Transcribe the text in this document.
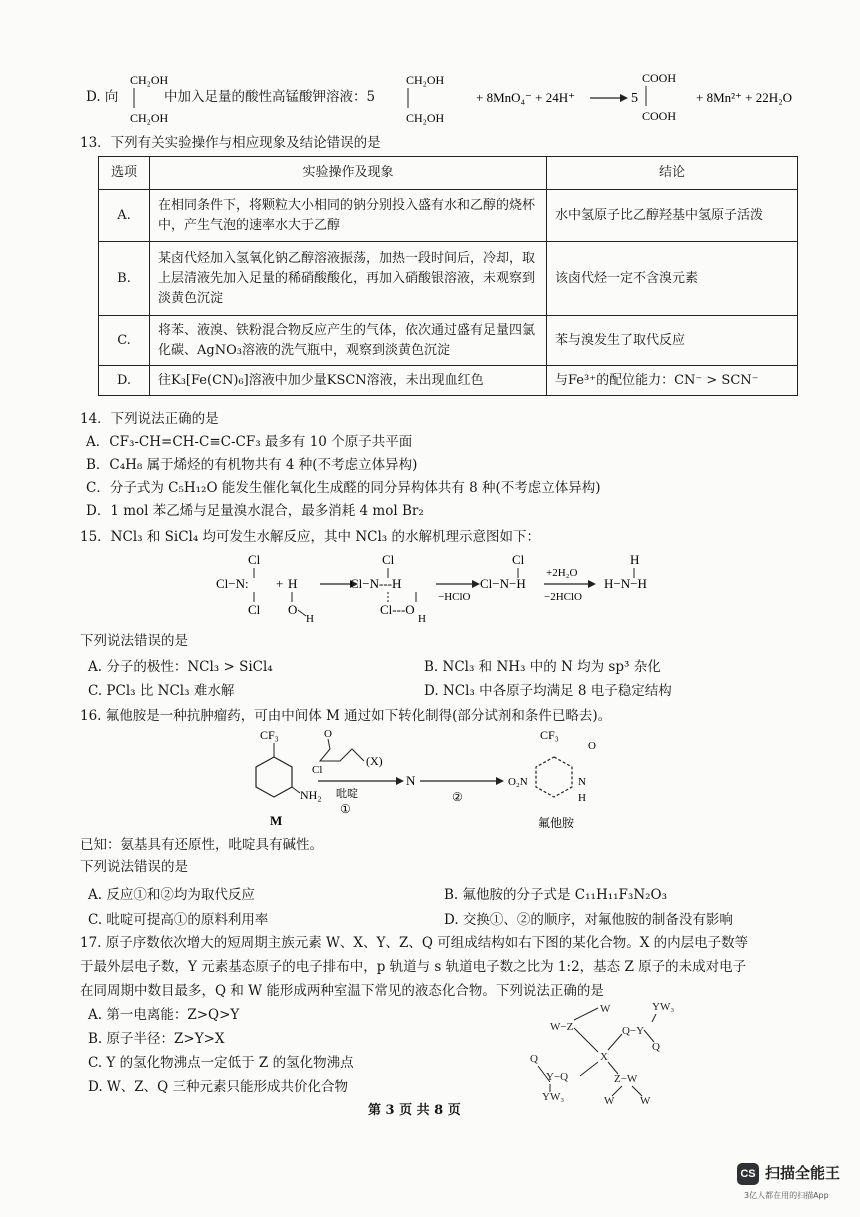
D. 向
CH₂OH
CH₂OH
CH₂OH
CH₂OH
+ 8MnO₄⁻ + 24H⁺	5
COOH
COOH
+ 8Mn²⁺ + 22H₂O
中加入足量的酸性高锰酸钾溶液：5
13．下列有关实验操作与相应现象及结论错误的是
选项	实验操作及现象	结论
A.	在相同条件下，将颗粒大小相同的钠分别投入盛有水和乙醇的烧杯中，产生气泡的速率水大于乙醇	水中氢原子比乙醇羟基中氢原子活泼
B.	某卤代烃加入氢氧化钠乙醇溶液振荡，加热一段时间后，冷却，取上层清液先加入足量的稀硝酸酸化，再加入硝酸银溶液，未观察到淡黄色沉淀	该卤代烃一定不含溴元素
C.	将苯、液溴、铁粉混合物反应产生的气体，依次通过盛有足量四氯化碳、AgNO₃溶液的洗气瓶中，观察到淡黄色沉淀	苯与溴发生了取代反应
D.	往K₃[Fe(CN)₆]溶液中加少量KSCN溶液，未出现血红色	与Fe³⁺的配位能力：CN⁻ > SCN⁻
14．下列说法正确的是
A．CF₃-CH=CH-C≡C-CF₃ 最多有 10 个原子共平面
B．C₄H₈ 属于烯烃的有机物共有 4 种(不考虑立体异构)
C．分子式为 C₅H₁₂O 能发生催化氧化生成醛的同分异构体共有 8 种(不考虑立体异构)
D．1 mol 苯乙烯与足量溴水混合，最多消耗 4 mol Br₂
15．NCl₃ 和 SiCl₄ 均可发生水解反应，其中 NCl₃ 的水解机理示意图如下：
Cl
Cl−N:
Cl
+ H
O
H
Cl
Cl−N---H
Cl---O
H
−HClO
Cl
Cl−N−H
+2H₂O
−2HClO
H
H−N−H
下列说法错误的是
A. 分子的极性：NCl₃ > SiCl₄	B. NCl₃ 和 NH₃ 中的 N 均为 sp³ 杂化
C. PCl₃ 比 NCl₃ 难水解	D. NCl₃ 中各原子均满足 8 电子稳定结构
16. 氟他胺是一种抗肿瘤药，可由中间体 M 通过如下转化制得(部分试剂和条件已略去)。
CF₃
NH₂
M
O
Cl
(X)
吡啶
①
N
②
CF₃
O
O₂N	N
H
氟他胺
已知：氨基具有还原性，吡啶具有碱性。
下列说法错误的是
A. 反应①和②均为取代反应	B. 氟他胺的分子式是 C₁₁H₁₁F₃N₂O₃
C. 吡啶可提高①的原料利用率	D. 交换①、②的顺序，对氟他胺的制备没有影响
17. 原子序数依次增大的短周期主族元素 W、X、Y、Z、Q 可组成结构如右下图的某化合物。X 的内层电子数等
于最外层电子数，Y 元素基态原子的电子排布中，p 轨道与 s 轨道电子数之比为 1:2，基态 Z 原子的未成对电子
在同周期中数目最多，Q 和 W 能形成两种室温下常见的液态化合物。下列说法正确的是
A. 第一电离能：Z>Q>Y
B. 原子半径：Z>Y>X
C. Y 的氢化物沸点一定低于 Z 的氢化物沸点
D. W、Z、Q 三种元素只能形成共价化合物
YW₃
W−Z
W
Q−Y
Q
X
Q
Y−Q	Z−W
YW₃	W W
第 3 页 共 8 页
CS 扫描全能王
3亿人都在用的扫描App
